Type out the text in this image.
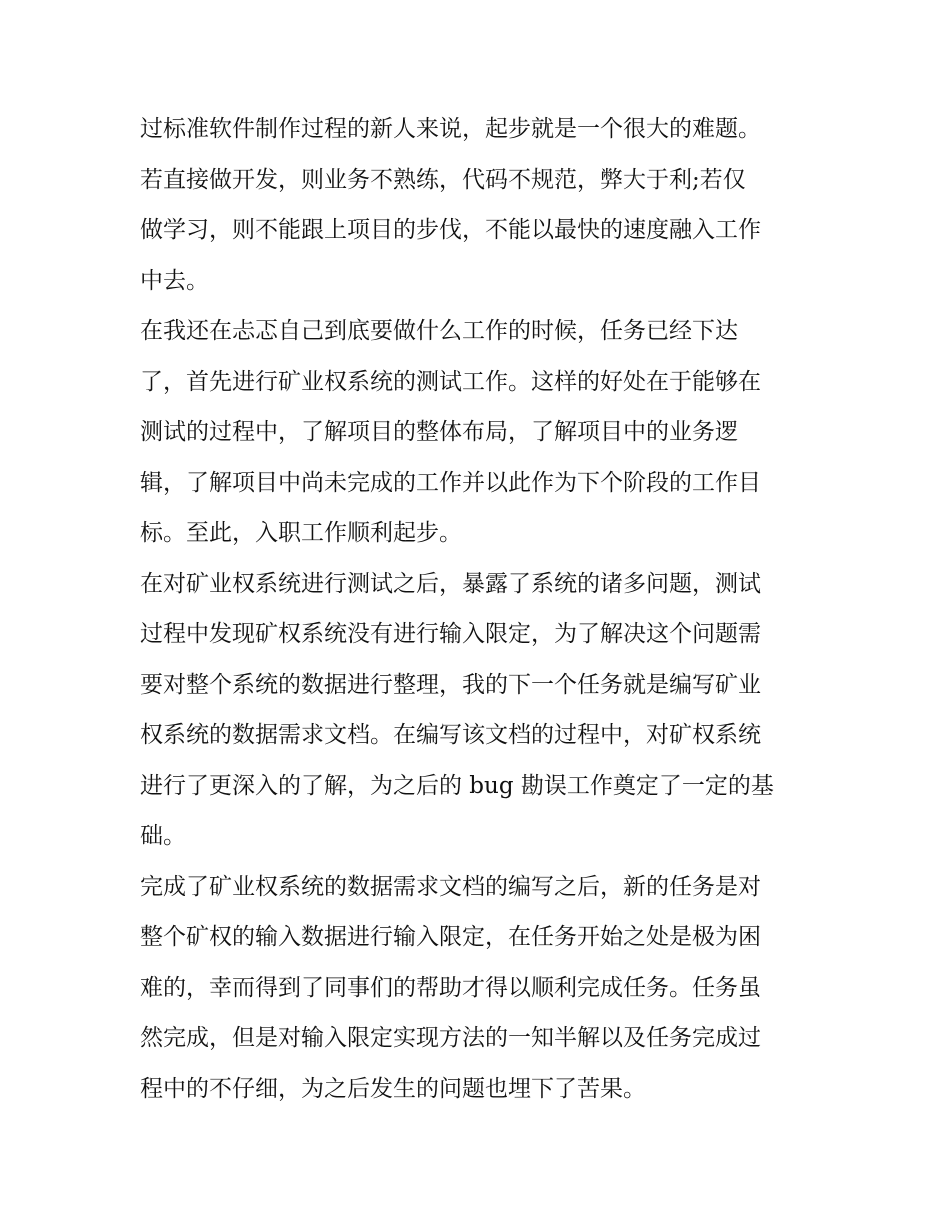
过标准软件制作过程的新人来说，起步就是一个很大的难题。
若直接做开发，则业务不熟练，代码不规范，弊大于利;若仅
做学习，则不能跟上项目的步伐，不能以最快的速度融入工作
中去。
在我还在忐忑自己到底要做什么工作的时候，任务已经下达
了，首先进行矿业权系统的测试工作。这样的好处在于能够在
测试的过程中，了解项目的整体布局，了解项目中的业务逻
辑，了解项目中尚未完成的工作并以此作为下个阶段的工作目
标。至此，入职工作顺利起步。
在对矿业权系统进行测试之后，暴露了系统的诸多问题，测试
过程中发现矿权系统没有进行输入限定，为了解决这个问题需
要对整个系统的数据进行整理，我的下一个任务就是编写矿业
权系统的数据需求文档。在编写该文档的过程中，对矿权系统
进行了更深入的了解，为之后的 bug 勘误工作奠定了一定的基
础。
完成了矿业权系统的数据需求文档的编写之后，新的任务是对
整个矿权的输入数据进行输入限定，在任务开始之处是极为困
难的，幸而得到了同事们的帮助才得以顺利完成任务。任务虽
然完成，但是对输入限定实现方法的一知半解以及任务完成过
程中的不仔细，为之后发生的问题也埋下了苦果。
